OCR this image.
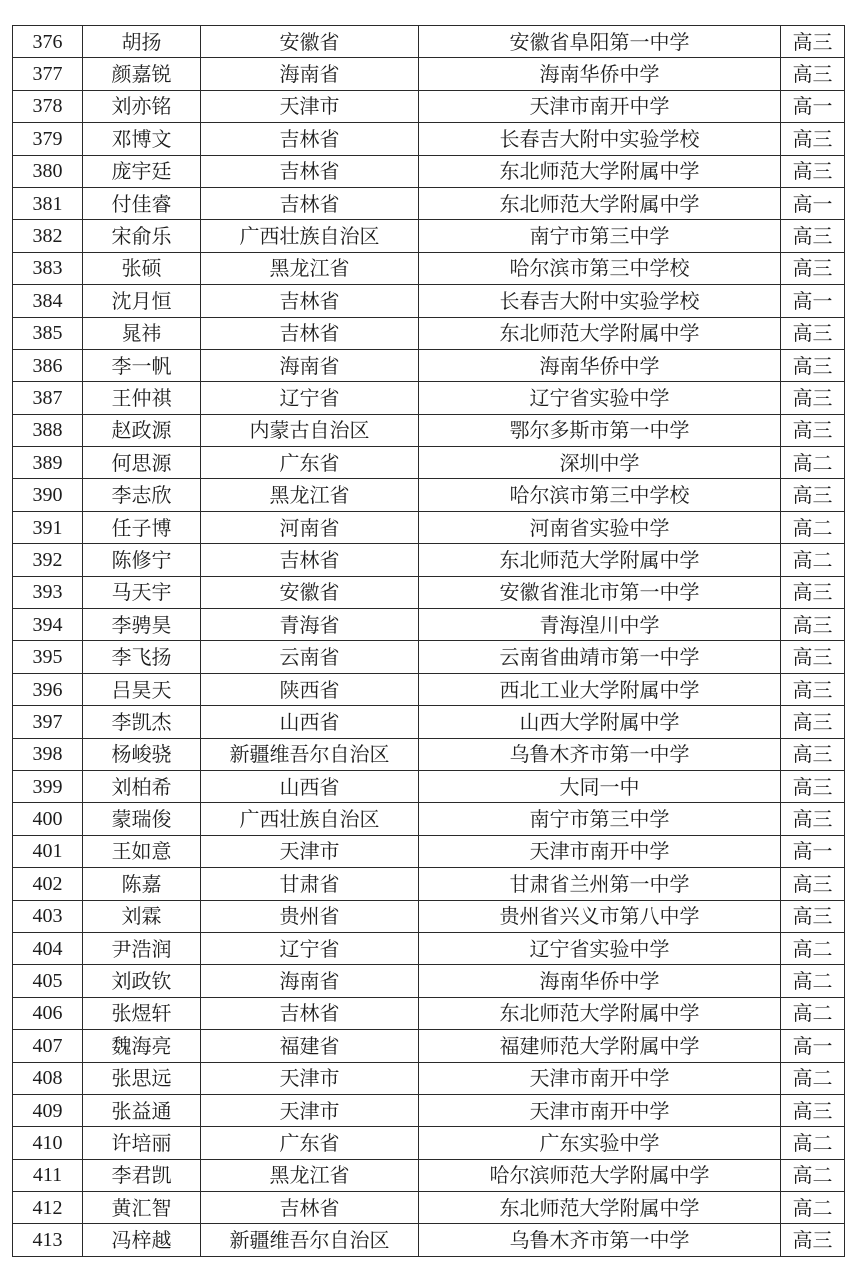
376	胡扬	安徽省	安徽省阜阳第一中学	高三
377	颜嘉锐	海南省	海南华侨中学	高三
378	刘亦铭	天津市	天津市南开中学	高一
379	邓博文	吉林省	长春吉大附中实验学校	高三
380	庞宇廷	吉林省	东北师范大学附属中学	高三
381	付佳睿	吉林省	东北师范大学附属中学	高一
382	宋俞乐	广西壮族自治区	南宁市第三中学	高三
383	张硕	黑龙江省	哈尔滨市第三中学校	高三
384	沈月恒	吉林省	长春吉大附中实验学校	高一
385	晁祎	吉林省	东北师范大学附属中学	高三
386	李一帆	海南省	海南华侨中学	高三
387	王仲祺	辽宁省	辽宁省实验中学	高三
388	赵政源	内蒙古自治区	鄂尔多斯市第一中学	高三
389	何思源	广东省	深圳中学	高二
390	李志欣	黑龙江省	哈尔滨市第三中学校	高三
391	任子博	河南省	河南省实验中学	高二
392	陈修宁	吉林省	东北师范大学附属中学	高二
393	马天宇	安徽省	安徽省淮北市第一中学	高三
394	李骋昊	青海省	青海湟川中学	高三
395	李飞扬	云南省	云南省曲靖市第一中学	高三
396	吕昊天	陕西省	西北工业大学附属中学	高三
397	李凯杰	山西省	山西大学附属中学	高三
398	杨峻骁	新疆维吾尔自治区	乌鲁木齐市第一中学	高三
399	刘柏希	山西省	大同一中	高三
400	蒙瑞俊	广西壮族自治区	南宁市第三中学	高三
401	王如意	天津市	天津市南开中学	高一
402	陈嘉	甘肃省	甘肃省兰州第一中学	高三
403	刘霖	贵州省	贵州省兴义市第八中学	高三
404	尹浩润	辽宁省	辽宁省实验中学	高二
405	刘政钦	海南省	海南华侨中学	高二
406	张煜轩	吉林省	东北师范大学附属中学	高二
407	魏海亮	福建省	福建师范大学附属中学	高一
408	张思远	天津市	天津市南开中学	高二
409	张益通	天津市	天津市南开中学	高三
410	许培丽	广东省	广东实验中学	高二
411	李君凯	黑龙江省	哈尔滨师范大学附属中学	高二
412	黄汇智	吉林省	东北师范大学附属中学	高二
413	冯梓越	新疆维吾尔自治区	乌鲁木齐市第一中学	高三
